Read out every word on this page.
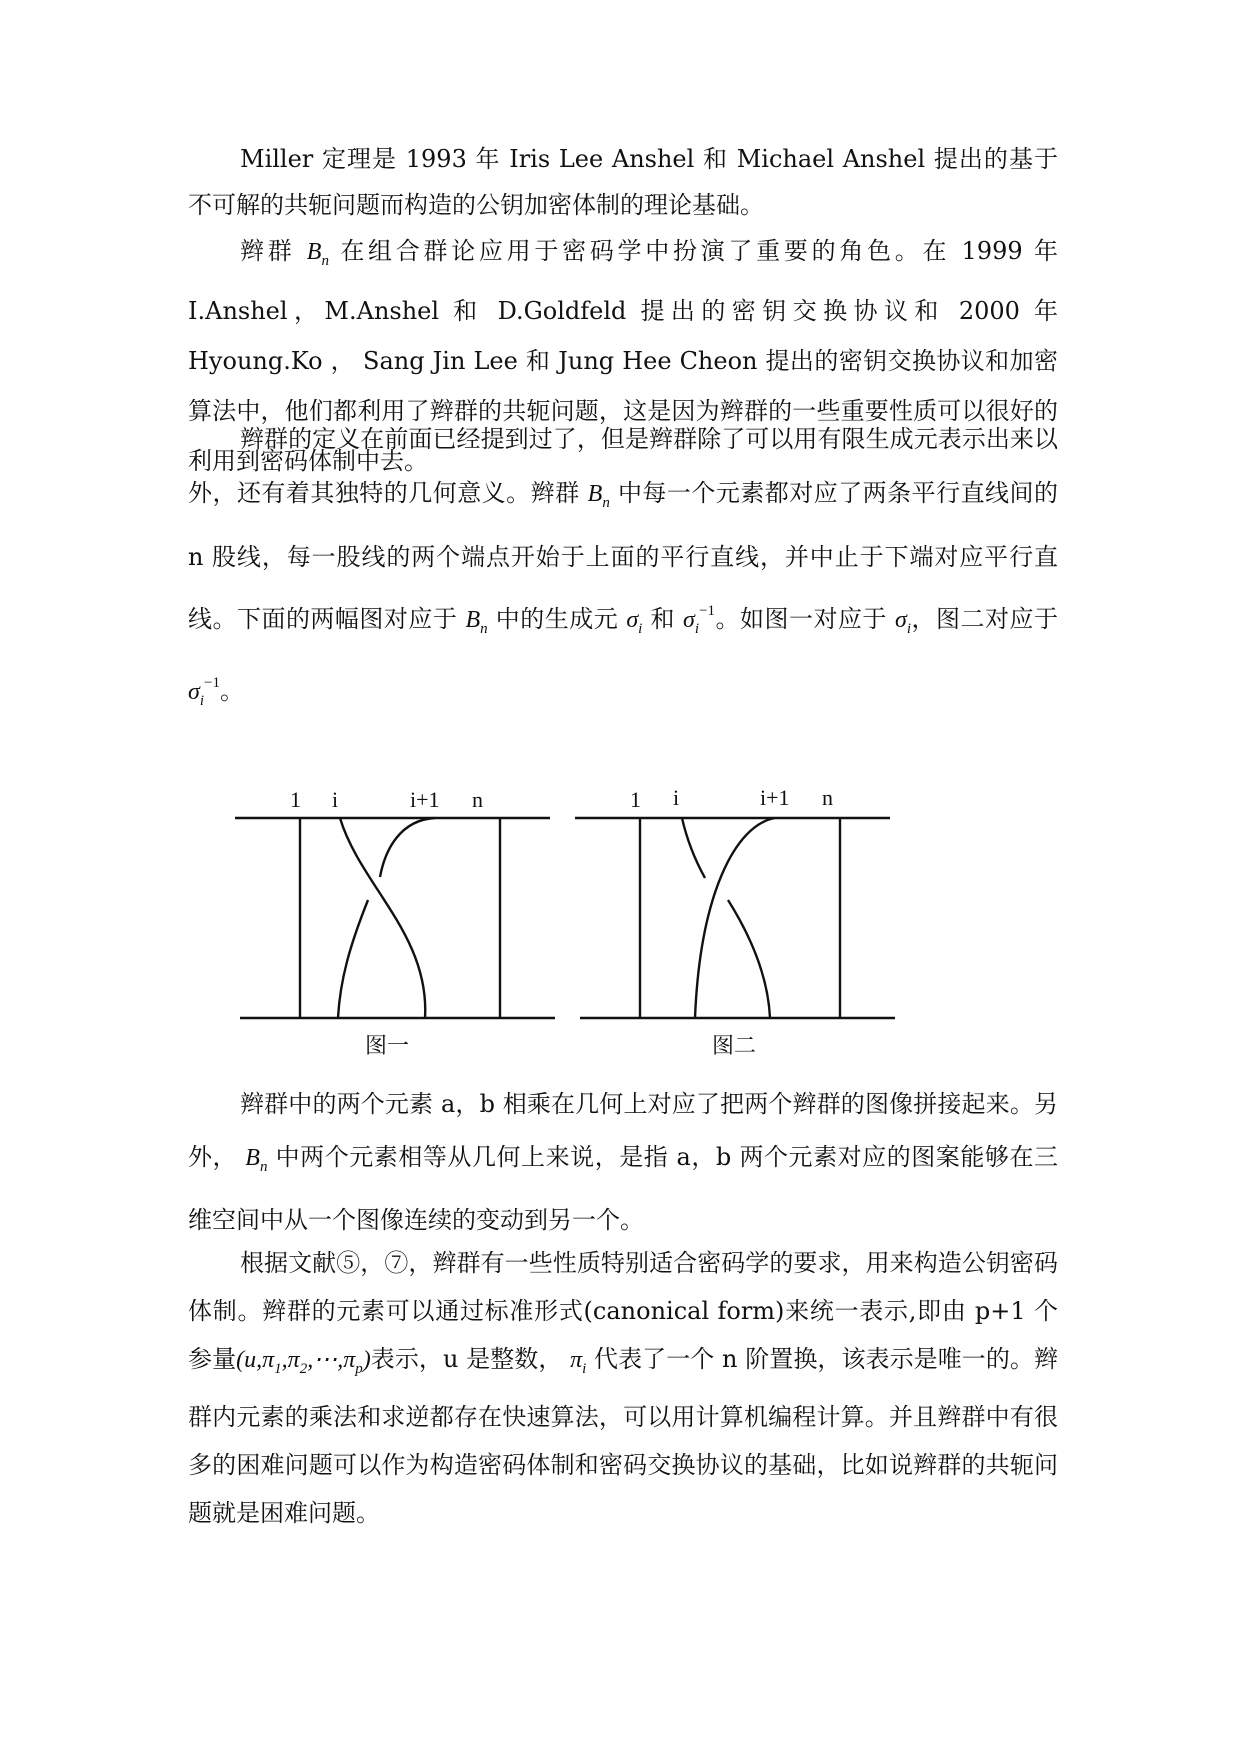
Miller 定理是 1993 年 Iris Lee Anshel 和 Michael Anshel 提出的基于不可解的共轭问题而构造的公钥加密体制的理论基础。

辫群 $B_n$ 在组合群论应用于密码学中扮演了重要的角色。在 1999 年 I.Anshel，M.Anshel 和 D.Goldfeld 提出的密钥交换协议和 2000 年 Hyoung.Ko ， Sang Jin Lee 和 Jung Hee Cheon 提出的密钥交换协议和加密算法中，他们都利用了辫群的共轭问题，这是因为辫群的一些重要性质可以很好的利用到密码体制中去。

辫群的定义在前面已经提到过了，但是辫群除了可以用有限生成元表示出来以外，还有着其独特的几何意义。辫群 $B_n$ 中每一个元素都对应了两条平行直线间的 n 股线，每一股线的两个端点开始于上面的平行直线，并中止于下端对应平行直线。下面的两幅图对应于 $B_n$ 中的生成元 $\sigma_i$ 和 $\sigma_i^{-1}$。如图一对应于 $\sigma_i$，图二对应于 $\sigma_i^{-1}$。

1 i	i+1 n
图一
1 i	i+1 n
图二

辫群中的两个元素 a，b 相乘在几何上对应了把两个辫群的图像拼接起来。另外， $B_n$ 中两个元素相等从几何上来说，是指 a，b 两个元素对应的图案能够在三维空间中从一个图像连续的变动到另一个。

根据文献⑤，⑦，辫群有一些性质特别适合密码学的要求，用来构造公钥密码体制。辫群的元素可以通过标准形式(canonical form)来统一表示,即由 p+1 个参量$(u,\pi_1,\pi_2,\cdots,\pi_p)$表示，u 是整数， $\pi_i$ 代表了一个 n 阶置换，该表示是唯一的。辫群内元素的乘法和求逆都存在快速算法，可以用计算机编程计算。并且辫群中有很多的困难问题可以作为构造密码体制和密码交换协议的基础，比如说辫群的共轭问题就是困难问题。
